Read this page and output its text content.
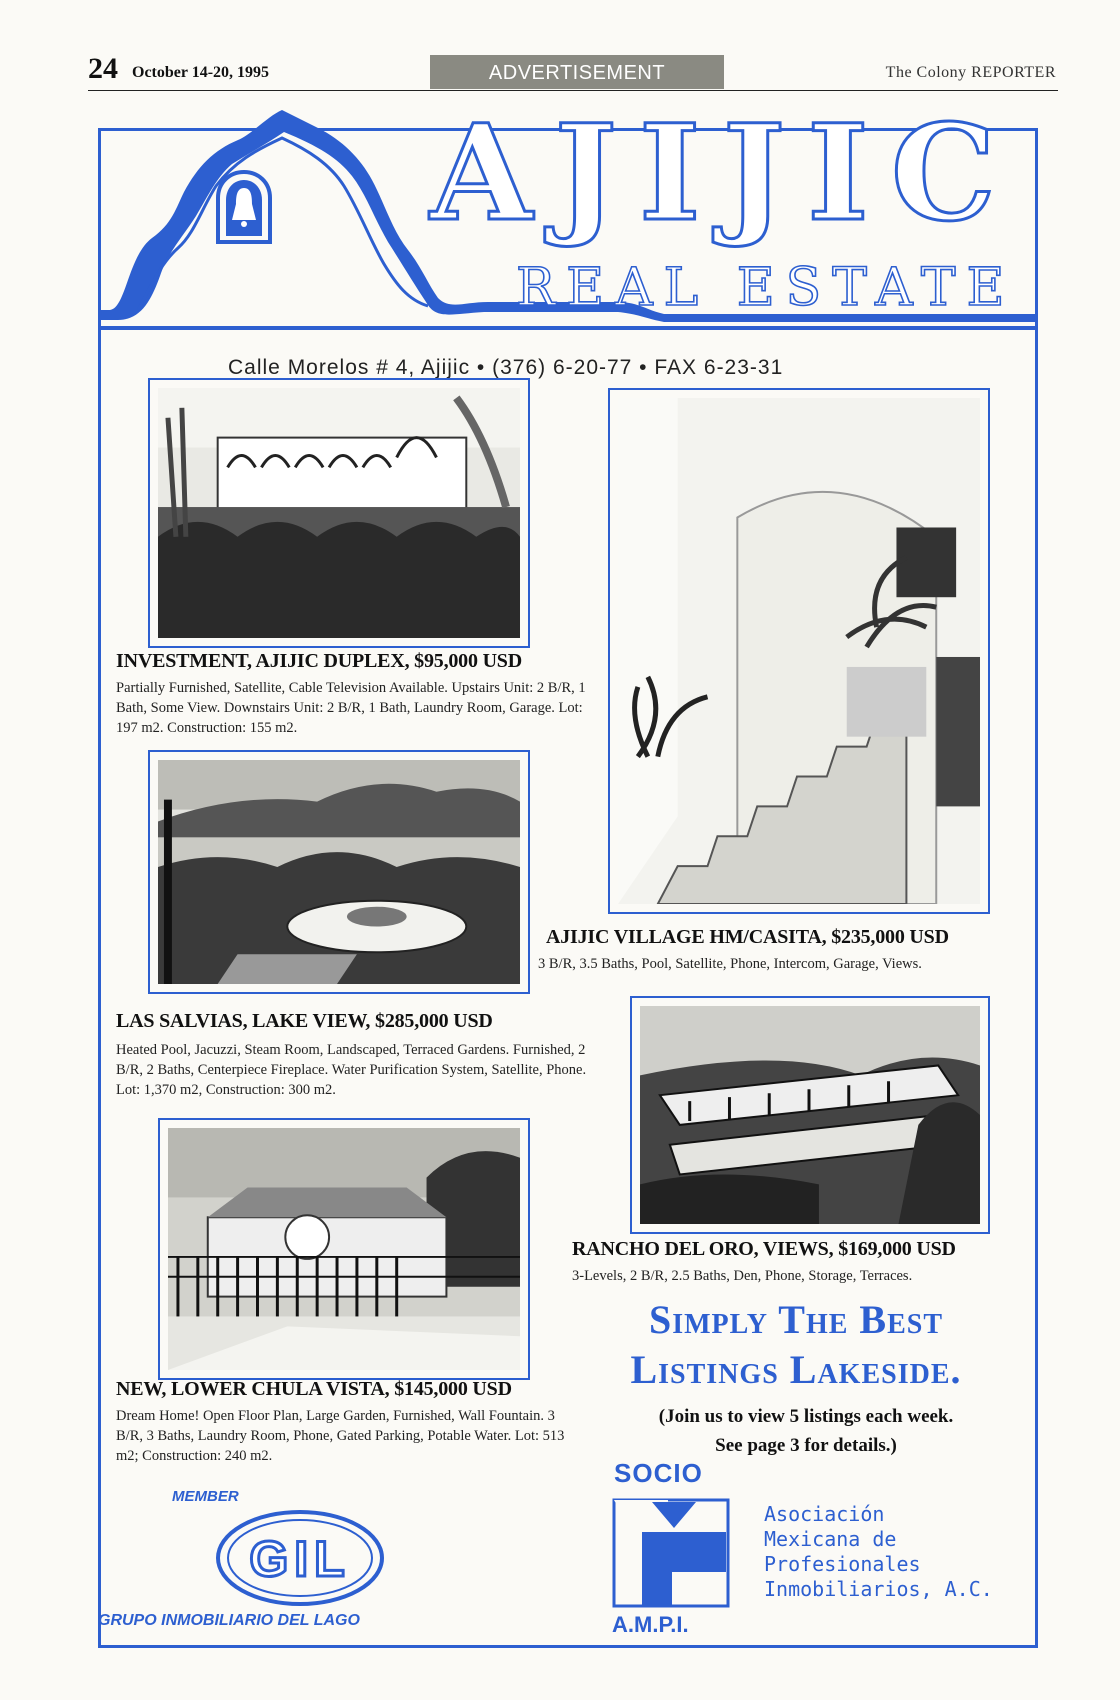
24 October 14-20, 1995	ADVERTISEMENT	The Colony REPORTER
AJIJIC
REAL ESTATE
Calle Morelos # 4, Ajijic • (376) 6-20-77 • FAX 6-23-31
INVESTMENT, AJIJIC DUPLEX, $95,000 USD
Partially Furnished, Satellite, Cable Television Available. Upstairs Unit: 2 B/R, 1 Bath, Some View. Downstairs Unit: 2 B/R, 1 Bath, Laundry Room, Garage. Lot: 197 m2. Construction: 155 m2.
AJIJIC VILLAGE HM/CASITA, $235,000 USD
3 B/R, 3.5 Baths, Pool, Satellite, Phone, Intercom, Garage, Views.
LAS SALVIAS, LAKE VIEW, $285,000 USD
Heated Pool, Jacuzzi, Steam Room, Landscaped, Terraced Gardens. Furnished, 2 B/R, 2 Baths, Centerpiece Fireplace. Water Purification System, Satellite, Phone. Lot: 1,370 m2, Construction: 300 m2.
RANCHO DEL ORO, VIEWS, $169,000 USD
3-Levels, 2 B/R, 2.5 Baths, Den, Phone, Storage, Terraces.
NEW, LOWER CHULA VISTA, $145,000 USD
Dream Home! Open Floor Plan, Large Garden, Furnished, Wall Fountain. 3 B/R, 3 Baths, Laundry Room, Phone, Gated Parking, Potable Water. Lot: 513 m2; Construction: 240 m2.
Simply The Best
Listings Lakeside.
(Join us to view 5 listings each week.
See page 3 for details.)
MEMBER
GIL
GRUPO INMOBILIARIO DEL LAGO
SOCIO
A.M.P.I.
Asociación
Mexicana de
Profesionales
Inmobiliarios, A.C.
